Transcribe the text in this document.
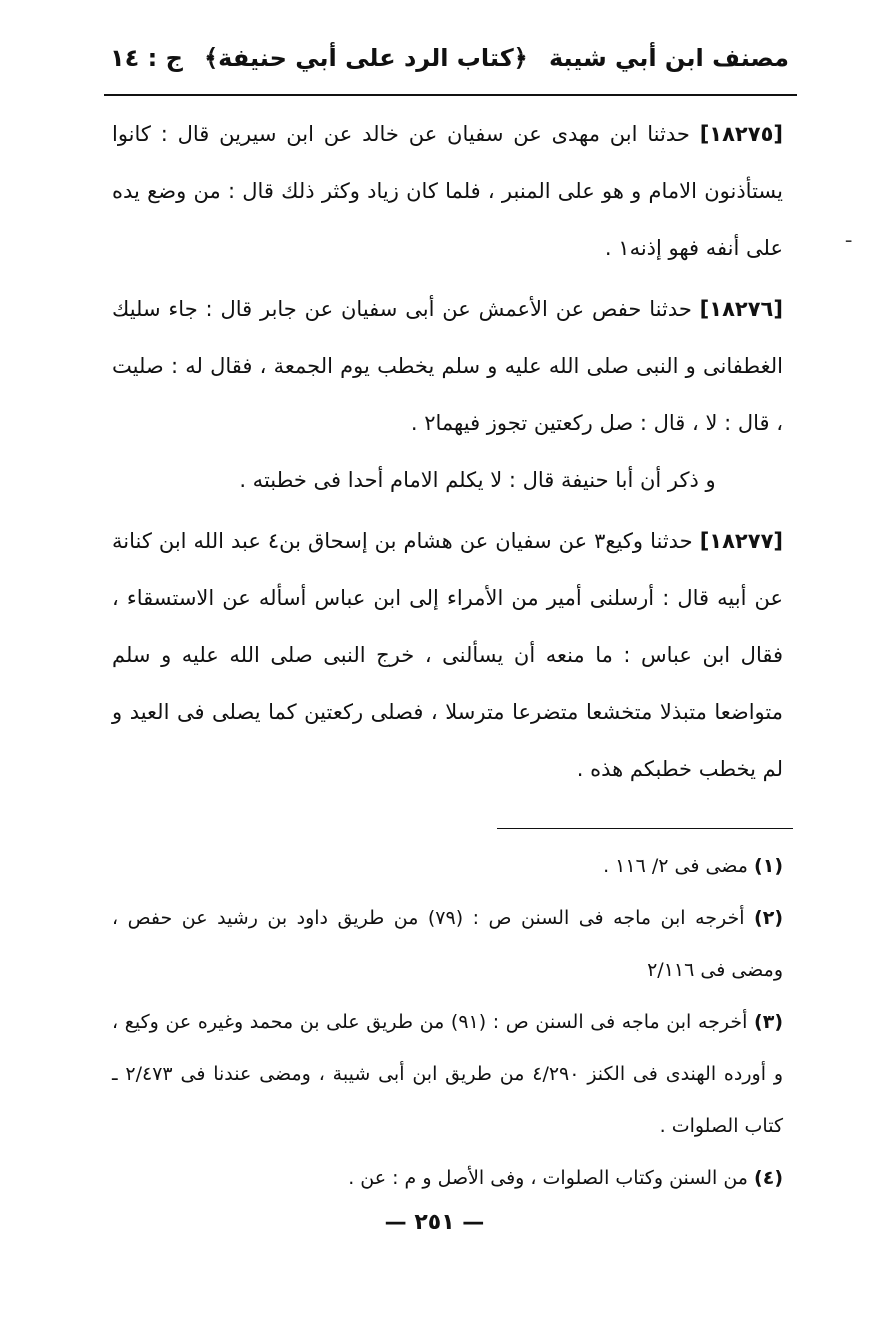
مصنف ابن أبي شيبة
﴿كتاب الرد على أبي حنيفة﴾
ج : ١٤
ـ

[١٨٢٧٥] حدثنا ابن مهدى عن سفيان عن خالد عن ابن سيرين قال : كانوا يستأذنون الامام و هو على المنبر ، فلما كان زياد وكثر ذلك قال : من وضع يده على أنفه فهو إذنه١ .

[١٨٢٧٦] حدثنا حفص عن الأعمش عن أبى سفيان عن جابر قال : جاء سليك الغطفانى و النبى صلى الله عليه و سلم يخطب يوم الجمعة ، فقال له : صليت ، قال : لا ، قال : صل ركعتين تجوز فيهما٢ .

و ذكر أن أبا حنيفة قال : لا يكلم الامام أحدا فى خطبته .

[١٨٢٧٧] حدثنا وكيع٣ عن سفيان عن هشام بن إسحاق بن٤ عبد الله ابن كنانة عن أبيه قال : أرسلنى أمير من الأمراء إلى ابن عباس أسأله عن الاستسقاء ، فقال ابن عباس : ما منعه أن يسألنى ، خرج النبى صلى الله عليه و سلم متواضعا متبذلا متخشعا متضرعا مترسلا ، فصلى ركعتين كما يصلى فى العيد و لم يخطب خطبكم هذه .

(١) مضى فى ٢/ ١١٦ .

(٢) أخرجه ابن ماجه فى السنن ص : (٧٩) من طريق داود بن رشيد عن حفص ، ومضى فى ٢/١١٦

(٣) أخرجه ابن ماجه فى السنن ص : (٩١) من طريق على بن محمد وغيره عن وكيع ، و أورده الهندى فى الكنز ٤/٢٩٠ من طريق ابن أبى شيبة ، ومضى عندنا فى ٢/٤٧٣ ـ كتاب الصلوات .

(٤) من السنن وكتاب الصلوات ، وفى الأصل و م : عن .

— ٢٥١ —
